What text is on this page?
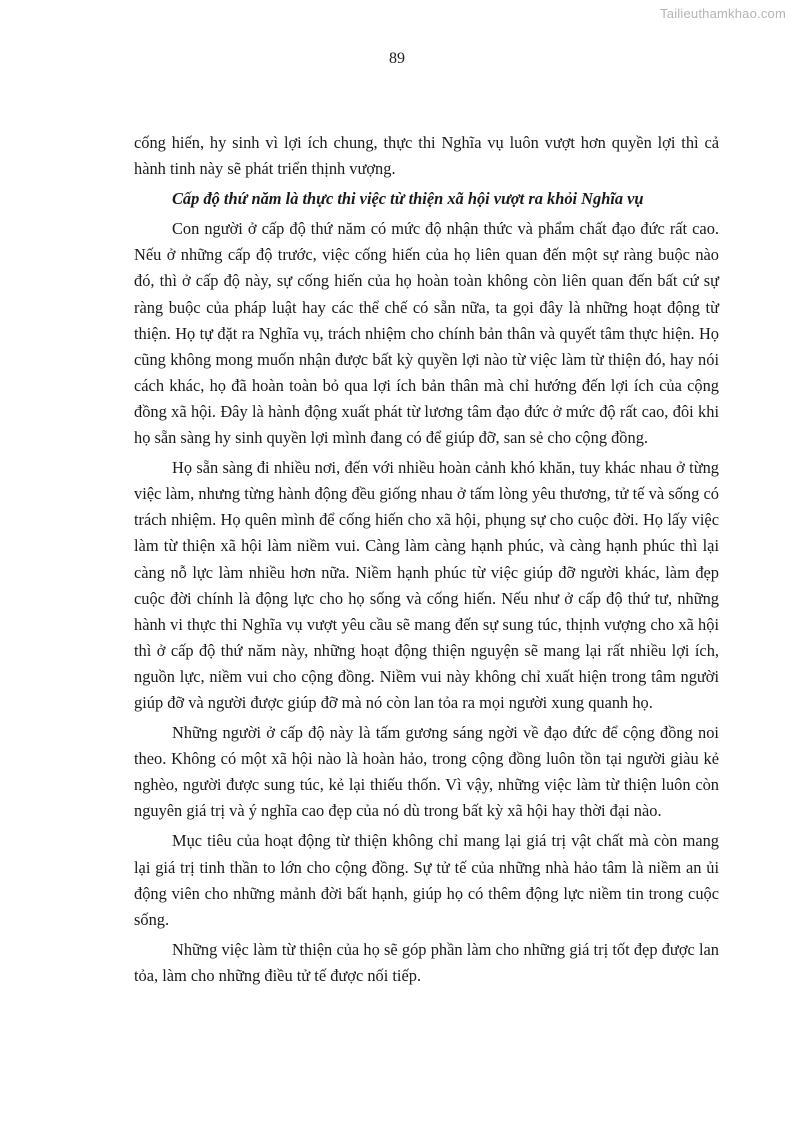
Tailieuthamkhao.com
89

cống hiến, hy sinh vì lợi ích chung, thực thi Nghĩa vụ luôn vượt hơn quyền lợi thì cả hành tinh này sẽ phát triển thịnh vượng.

Cấp độ thứ năm là thực thi việc từ thiện xã hội vượt ra khỏi Nghĩa vụ

Con người ở cấp độ thứ năm có mức độ nhận thức và phẩm chất đạo đức rất cao. Nếu ở những cấp độ trước, việc cống hiến của họ liên quan đến một sự ràng buộc nào đó, thì ở cấp độ này, sự cống hiến của họ hoàn toàn không còn liên quan đến bất cứ sự ràng buộc của pháp luật hay các thể chế có sẵn nữa, ta gọi đây là những hoạt động từ thiện. Họ tự đặt ra Nghĩa vụ, trách nhiệm cho chính bản thân và quyết tâm thực hiện. Họ cũng không mong muốn nhận được bất kỳ quyền lợi nào từ việc làm từ thiện đó, hay nói cách khác, họ đã hoàn toàn bỏ qua lợi ích bản thân mà chỉ hướng đến lợi ích của cộng đồng xã hội. Đây là hành động xuất phát từ lương tâm đạo đức ở mức độ rất cao, đôi khi họ sẵn sàng hy sinh quyền lợi mình đang có để giúp đỡ, san sẻ cho cộng đồng.

Họ sẵn sàng đi nhiều nơi, đến với nhiều hoàn cảnh khó khăn, tuy khác nhau ở từng việc làm, nhưng từng hành động đều giống nhau ở tấm lòng yêu thương, tử tế và sống có trách nhiệm. Họ quên mình để cống hiến cho xã hội, phụng sự cho cuộc đời. Họ lấy việc làm từ thiện xã hội làm niềm vui. Càng làm càng hạnh phúc, và càng hạnh phúc thì lại càng nỗ lực làm nhiều hơn nữa. Niềm hạnh phúc từ việc giúp đỡ người khác, làm đẹp cuộc đời chính là động lực cho họ sống và cống hiến. Nếu như ở cấp độ thứ tư, những hành vi thực thi Nghĩa vụ vượt yêu cầu sẽ mang đến sự sung túc, thịnh vượng cho xã hội thì ở cấp độ thứ năm này, những hoạt động thiện nguyện sẽ mang lại rất nhiều lợi ích, nguồn lực, niềm vui cho cộng đồng. Niềm vui này không chỉ xuất hiện trong tâm người giúp đỡ và người được giúp đỡ mà nó còn lan tỏa ra mọi người xung quanh họ.

Những người ở cấp độ này là tấm gương sáng ngời về đạo đức để cộng đồng noi theo. Không có một xã hội nào là hoàn hảo, trong cộng đồng luôn tồn tại người giàu kẻ nghèo, người được sung túc, kẻ lại thiếu thốn. Vì vậy, những việc làm từ thiện luôn còn nguyên giá trị và ý nghĩa cao đẹp của nó dù trong bất kỳ xã hội hay thời đại nào.

Mục tiêu của hoạt động từ thiện không chỉ mang lại giá trị vật chất mà còn mang lại giá trị tinh thần to lớn cho cộng đồng. Sự tử tế của những nhà hảo tâm là niềm an ủi động viên cho những mảnh đời bất hạnh, giúp họ có thêm động lực niềm tin trong cuộc sống.

Những việc làm từ thiện của họ sẽ góp phần làm cho những giá trị tốt đẹp được lan tỏa, làm cho những điều tử tế được nối tiếp.
